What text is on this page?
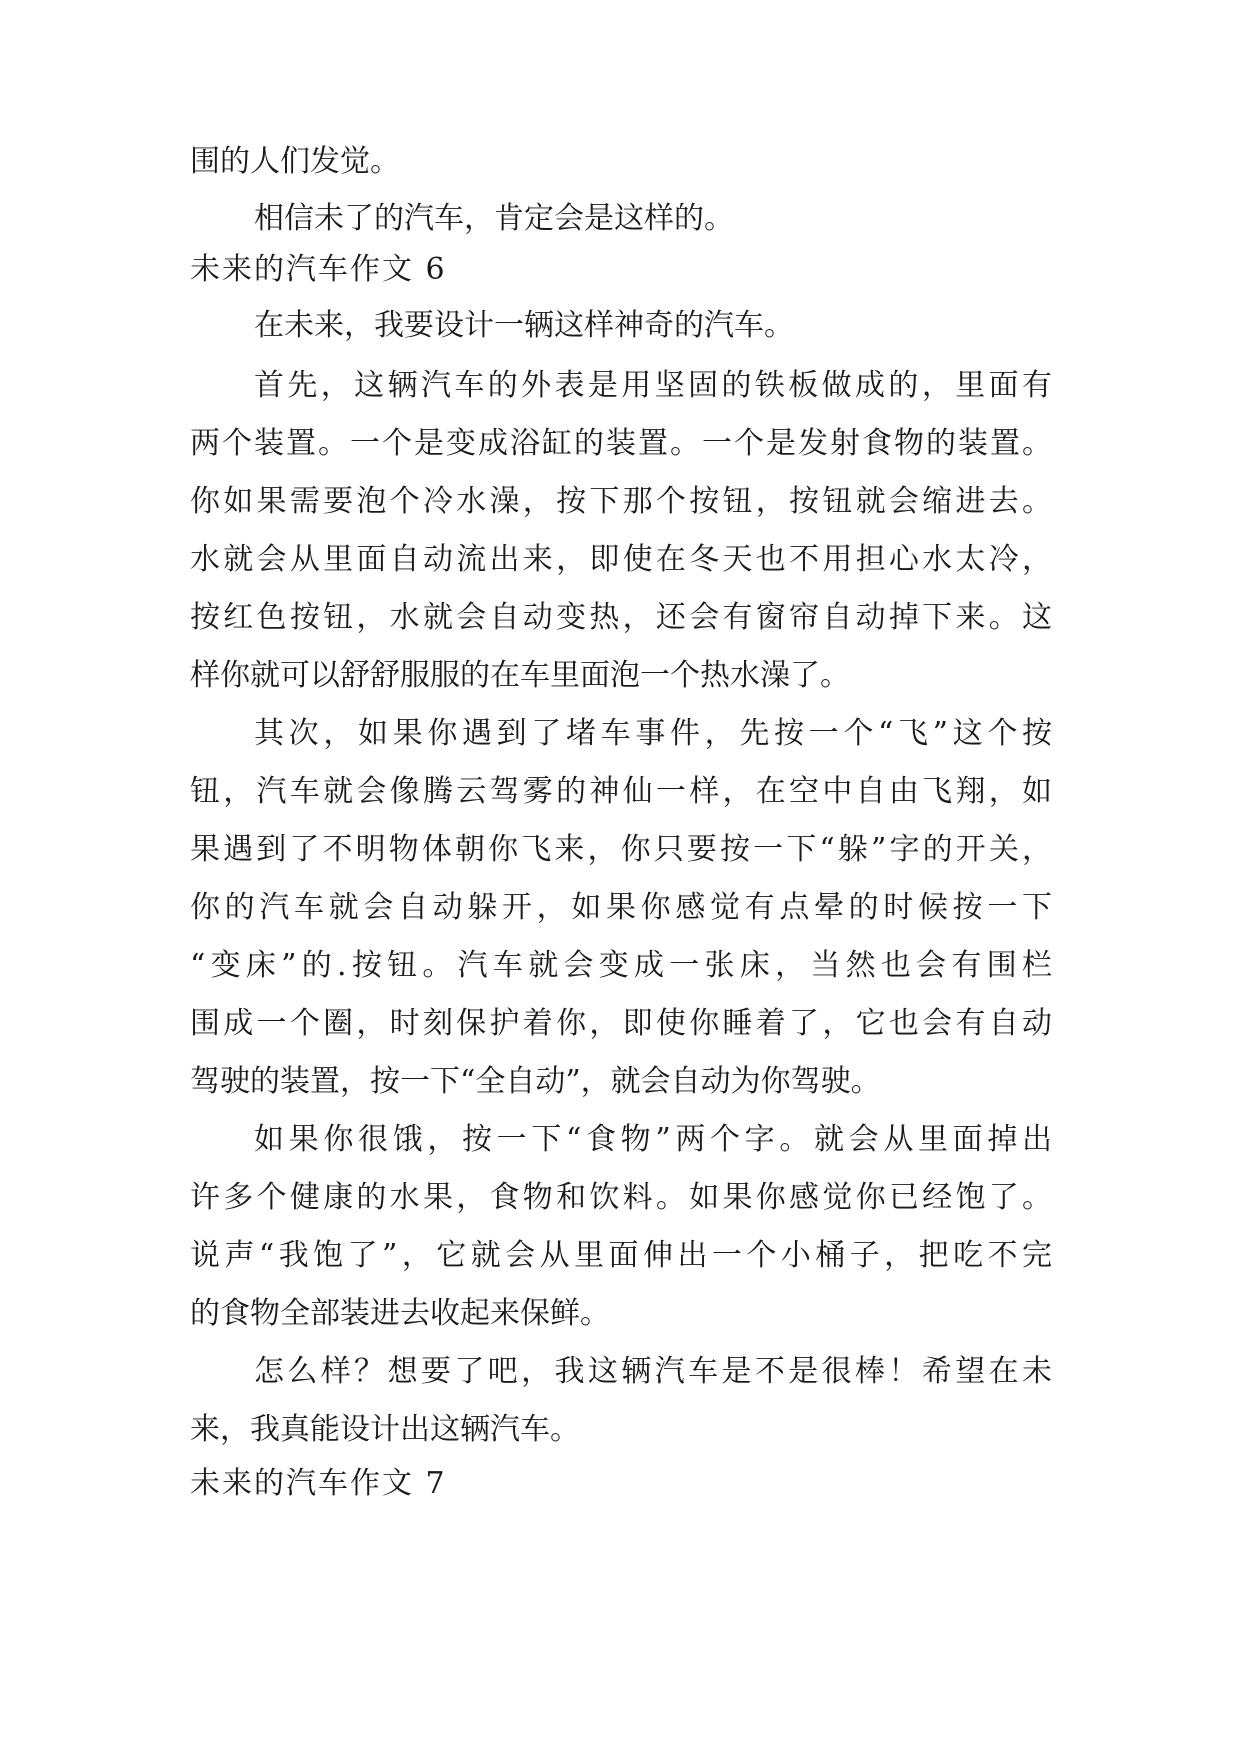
围的人们发觉。
相信未了的汽车，肯定会是这样的。
未来的汽车作文 6
在未来，我要设计一辆这样神奇的汽车。
首先，这辆汽车的外表是用坚固的铁板做成的，里面有
两个装置。一个是变成浴缸的装置。一个是发射食物的装置。
你如果需要泡个冷水澡，按下那个按钮，按钮就会缩进去。
水就会从里面自动流出来，即使在冬天也不用担心水太冷，
按红色按钮，水就会自动变热，还会有窗帘自动掉下来。这
样你就可以舒舒服服的在车里面泡一个热水澡了。
其次，如果你遇到了堵车事件，先按一个“飞”这个按
钮，汽车就会像腾云驾雾的神仙一样，在空中自由飞翔，如
果遇到了不明物体朝你飞来，你只要按一下“躲”字的开关，
你的汽车就会自动躲开，如果你感觉有点晕的时候按一下
“变床”的.按钮。汽车就会变成一张床，当然也会有围栏
围成一个圈，时刻保护着你，即使你睡着了，它也会有自动
驾驶的装置，按一下“全自动”，就会自动为你驾驶。
如果你很饿，按一下“食物”两个字。就会从里面掉出
许多个健康的水果，食物和饮料。如果你感觉你已经饱了。
说声“我饱了”，它就会从里面伸出一个小桶子，把吃不完
的食物全部装进去收起来保鲜。
怎么样？想要了吧，我这辆汽车是不是很棒！希望在未
来，我真能设计出这辆汽车。
未来的汽车作文 7
